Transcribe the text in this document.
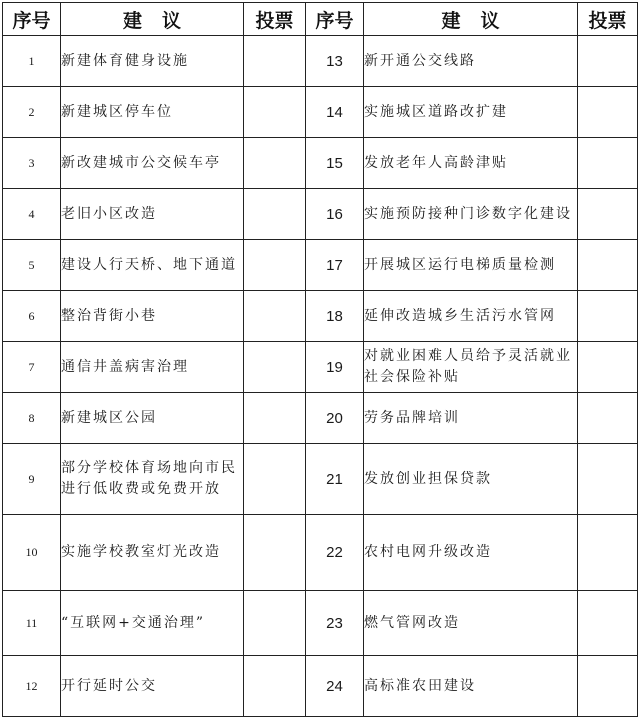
序号	建议	投票	序号	建议	投票
1	新建体育健身设施		13	新开通公交线路	
2	新建城区停车位		14	实施城区道路改扩建	
3	新改建城市公交候车亭		15	发放老年人高龄津贴	
4	老旧小区改造		16	实施预防接种门诊数字化建设	
5	建设人行天桥、地下通道		17	开展城区运行电梯质量检测	
6	整治背街小巷		18	延伸改造城乡生活污水管网	
7	通信井盖病害治理		19	对就业困难人员给予灵活就业社会保险补贴	
8	新建城区公园		20	劳务品牌培训	
9	部分学校体育场地向市民进行低收费或免费开放		21	发放创业担保贷款	
10	实施学校教室灯光改造		22	农村电网升级改造	
11	“互联网+交通治理”		23	燃气管网改造	
12	开行延时公交		24	高标准农田建设	
